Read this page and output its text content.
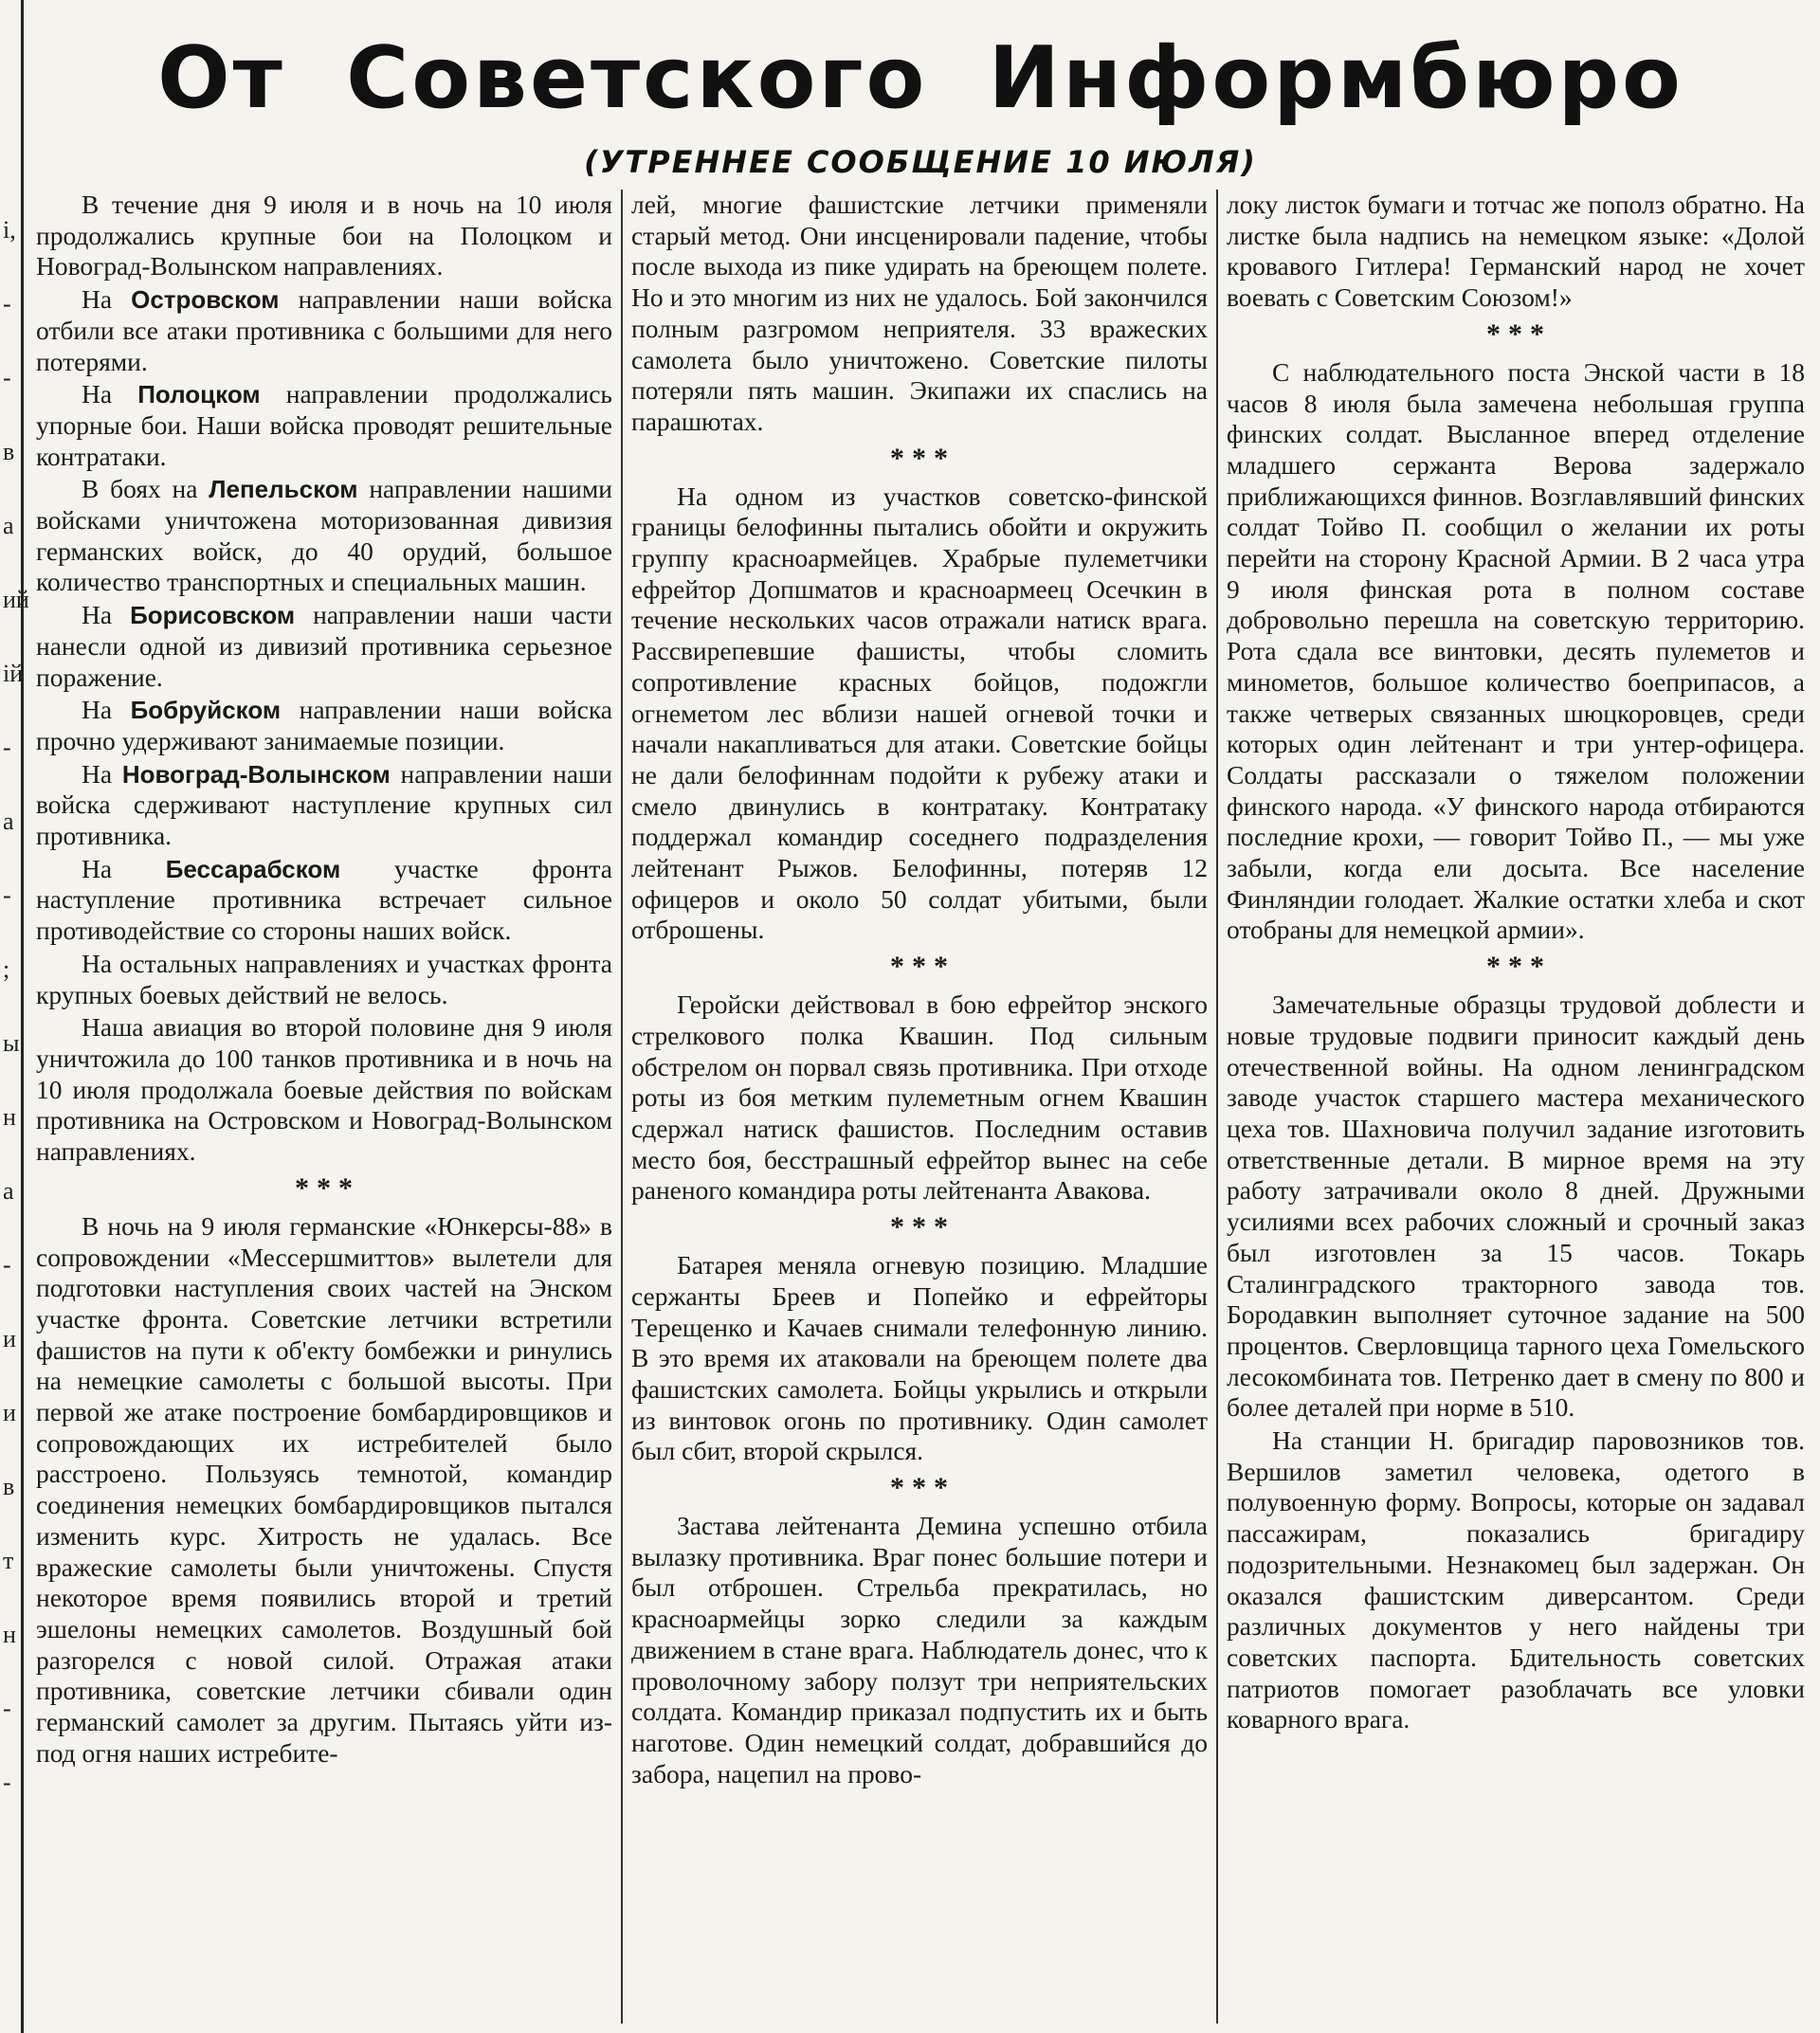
і,
-
-
в
а
ий
ій
-
а
-
;
ы
н
а
-
и
и
в
т
н
-
-
От Советского Информбюро
(УТРЕННЕЕ СООБЩЕНИЕ 10 ИЮЛЯ)

В течение дня 9 июля и в ночь на 10 июля продолжались крупные бои на Полоцком и Новоград-Волынском направлениях.

На Островском направлении наши войска отбили все атаки противника с большими для него потерями.

На Полоцком направлении продолжались упорные бои. Наши войска проводят решительные контратаки.

В боях на Лепельском направлении нашими войсками уничтожена моторизованная дивизия германских войск, до 40 орудий, большое количество транспортных и специальных машин.

На Борисовском направлении наши части нанесли одной из дивизий противника серьезное поражение.

На Бобруйском направлении наши войска прочно удерживают занимаемые позиции.

На Новоград-Волынском направлении наши войска сдерживают наступление крупных сил противника.

На Бессарабском участке фронта наступление противника встречает сильное противодействие со стороны наших войск.

На остальных направлениях и участках фронта крупных боевых действий не велось.

Наша авиация во второй половине дня 9 июля уничтожила до 100 танков противника и в ночь на 10 июля продолжала боевые действия по войскам противника на Островском и Новоград-Волынском направлениях.

* * *

В ночь на 9 июля германские «Юнкерсы-88» в сопровождении «Мессершмиттов» вылетели для подготовки наступления своих частей на Энском участке фронта. Советские летчики встретили фашистов на пути к об'екту бомбежки и ринулись на немецкие самолеты с большой высоты. При первой же атаке построение бомбардировщиков и сопровождающих их истребителей было расстроено. Пользуясь темнотой, командир соединения немецких бомбардировщиков пытался изменить курс. Хитрость не удалась. Все вражеские самолеты были уничтожены. Спустя некоторое время появились второй и третий эшелоны немецких самолетов. Воздушный бой разгорелся с новой силой. Отражая атаки противника, советские летчики сбивали один германский самолет за другим. Пытаясь уйти из-под огня наших истребите-

лей, многие фашистские летчики применяли старый метод. Они инсценировали падение, чтобы после выхода из пике удирать на бреющем полете. Но и это многим из них не удалось. Бой закончился полным разгромом неприятеля. 33 вражеских самолета было уничтожено. Советские пилоты потеряли пять машин. Экипажи их спаслись на парашютах.

* * *

На одном из участков советско-финской границы белофинны пытались обойти и окружить группу красноармейцев. Храбрые пулеметчики ефрейтор Допшматов и красноармеец Осечкин в течение нескольких часов отражали натиск врага. Рассвирепевшие фашисты, чтобы сломить сопротивление красных бойцов, подожгли огнеметом лес вблизи нашей огневой точки и начали накапливаться для атаки. Советские бойцы не дали белофиннам подойти к рубежу атаки и смело двинулись в контратаку. Контратаку поддержал командир соседнего подразделения лейтенант Рыжов. Белофинны, потеряв 12 офицеров и около 50 солдат убитыми, были отброшены.

* * *

Геройски действовал в бою ефрейтор энского стрелкового полка Квашин. Под сильным обстрелом он порвал связь противника. При отходе роты из боя метким пулеметным огнем Квашин сдержал натиск фашистов. Последним оставив место боя, бесстрашный ефрейтор вынес на себе раненого командира роты лейтенанта Авакова.

* * *

Батарея меняла огневую позицию. Младшие сержанты Бреев и Попейко и ефрейторы Терещенко и Качаев снимали телефонную линию. В это время их атаковали на бреющем полете два фашистских самолета. Бойцы укрылись и открыли из винтовок огонь по противнику. Один самолет был сбит, второй скрылся.

* * *

Застава лейтенанта Демина успешно отбила вылазку противника. Враг понес большие потери и был отброшен. Стрельба прекратилась, но красноармейцы зорко следили за каждым движением в стане врага. Наблюдатель донес, что к проволочному забору ползут три неприятельских солдата. Командир приказал подпустить их и быть наготове. Один немецкий солдат, добравшийся до забора, нацепил на прово-

локу листок бумаги и тотчас же пополз обратно. На листке была надпись на немецком языке: «Долой кровавого Гитлера! Германский народ не хочет воевать с Советским Союзом!»

* * *

С наблюдательного поста Энской части в 18 часов 8 июля была замечена небольшая группа финских солдат. Высланное вперед отделение младшего сержанта Верова задержало приближающихся финнов. Возглавлявший финских солдат Тойво П. сообщил о желании их роты перейти на сторону Красной Армии. В 2 часа утра 9 июля финская рота в полном составе добровольно перешла на советскую территорию. Рота сдала все винтовки, десять пулеметов и минометов, большое количество боеприпасов, а также четверых связанных шюцкоровцев, среди которых один лейтенант и три унтер-офицера. Солдаты рассказали о тяжелом положении финского народа. «У финского народа отбираются последние крохи, — говорит Тойво П., — мы уже забыли, когда ели досыта. Все население Финляндии голодает. Жалкие остатки хлеба и скот отобраны для немецкой армии».

* * *

Замечательные образцы трудовой доблести и новые трудовые подвиги приносит каждый день отечественной войны. На одном ленинградском заводе участок старшего мастера механического цеха тов. Шахновича получил задание изготовить ответственные детали. В мирное время на эту работу затрачивали около 8 дней. Дружными усилиями всех рабочих сложный и срочный заказ был изготовлен за 15 часов. Токарь Сталинградского тракторного завода тов. Бородавкин выполняет суточное задание на 500 процентов. Сверловщица тарного цеха Гомельского лесокомбината тов. Петренко дает в смену по 800 и более деталей при норме в 510.

На станции Н. бригадир паровозников тов. Вершилов заметил человека, одетого в полувоенную форму. Вопросы, которые он задавал пассажирам, показались бригадиру подозрительными. Незнакомец был задержан. Он оказался фашистским диверсантом. Среди различных документов у него найдены три советских паспорта. Бдительность советских патриотов помогает разоблачать все уловки коварного врага.
